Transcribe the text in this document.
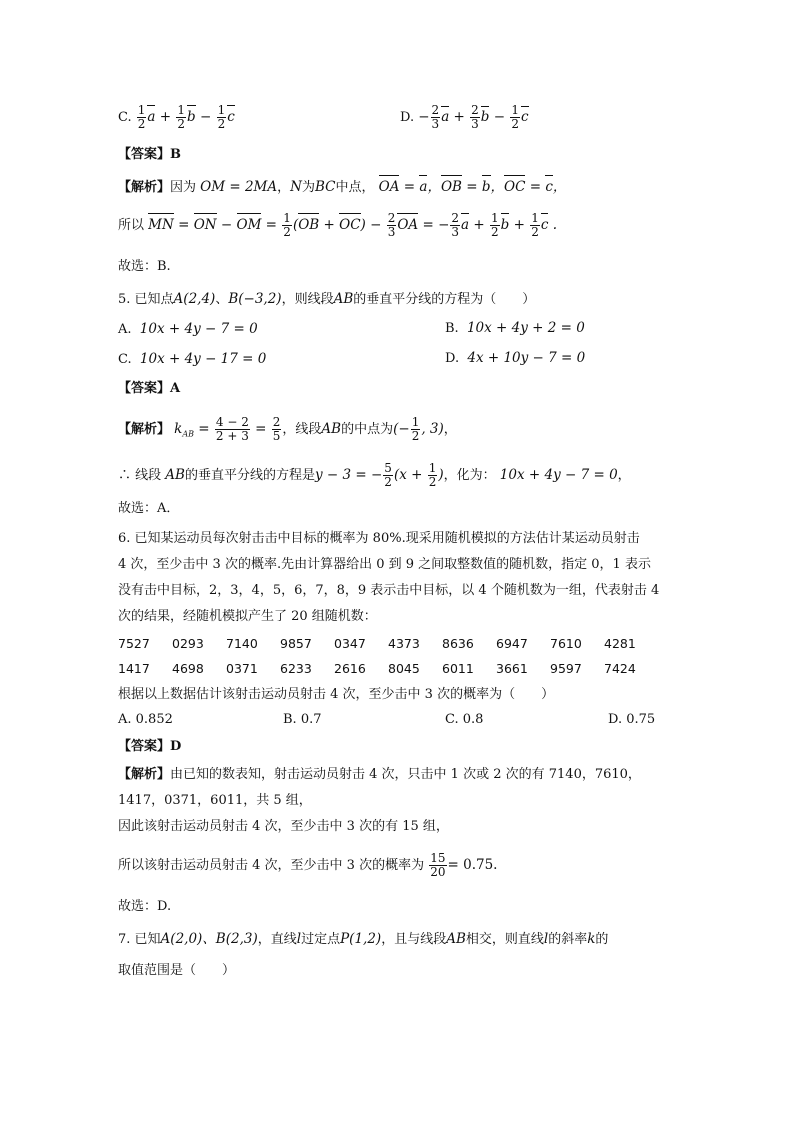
C. $\frac{1}{2}$ $a + \frac{1}{2}$ $b - \frac{1}{2}$ c	D. − $\frac{2}{3}$ $a + \frac{2}{3}$ $b - \frac{1}{2}$ c
【答案】B
【解析】因为 OM = 2MA，N为BC中点， OA = a，OB = b，OC = c，
所以 MN = ON − OM = $\frac{1}{2} (OB + OC) - \frac{2}{3}$ OA = − $\frac{2}{3}$ $a + \frac{1}{2}$ $b + \frac{1}{2}$ c .
故选：B.
5. 已知点A(2,4)、B(−3,2)，则线段AB的垂直平分线的方程为（　　）
A. 10x + 4y − 7 = 0	B. 10x + 4y + 2 = 0
C. 10x + 4y − 17 = 0	D. 4x + 10y − 7 = 0
【答案】A
【解析】 $k_{AB} = \frac{4 - 2}{2 + 3} = \frac{2}{5}$ ，线段AB的中点为(− $\frac{1}{2}$ , 3)，
∴ 线段 AB的垂直平分线的方程是y − 3 = − $\frac{5}{2} (x + \frac{1}{2}$ )，化为： 10x + 4y − 7 = 0，
故选：A．
6. 已知某运动员每次射击击中目标的概率为 80%.现采用随机模拟的方法估计某运动员射击
4 次，至少击中 3 次的概率.先由计算器给出 0 到 9 之间取整数值的随机数，指定 0，1 表示
没有击中目标，2，3，4，5，6，7，8，9 表示击中目标，以 4 个随机数为一组，代表射击 4
次的结果，经随机模拟产生了 20 组随机数：
7527 0293 7140 9857 0347 4373 8636 6947 7610 4281
1417 4698 0371 6233 2616 8045 6011 3661 9597 7424
根据以上数据估计该射击运动员射击 4 次，至少击中 3 次的概率为（　　）
A. 0.852	B. 0.7	C. 0.8	D. 0.75
【答案】D
【解析】由已知的数表知，射击运动员射击 4 次，只击中 1 次或 2 次的有 7140，7610，
1417，0371，6011，共 5 组，
因此该射击运动员射击 4 次，至少击中 3 次的有 15 组，
所以该射击运动员射击 4 次，至少击中 3 次的概率为 $\frac{15}{20} = 0.75$.
故选：D.
7. 已知A(2,0)、B(2,3)，直线l过定点P(1,2)，且与线段AB相交，则直线l的斜率k的
取值范围是（　　）
